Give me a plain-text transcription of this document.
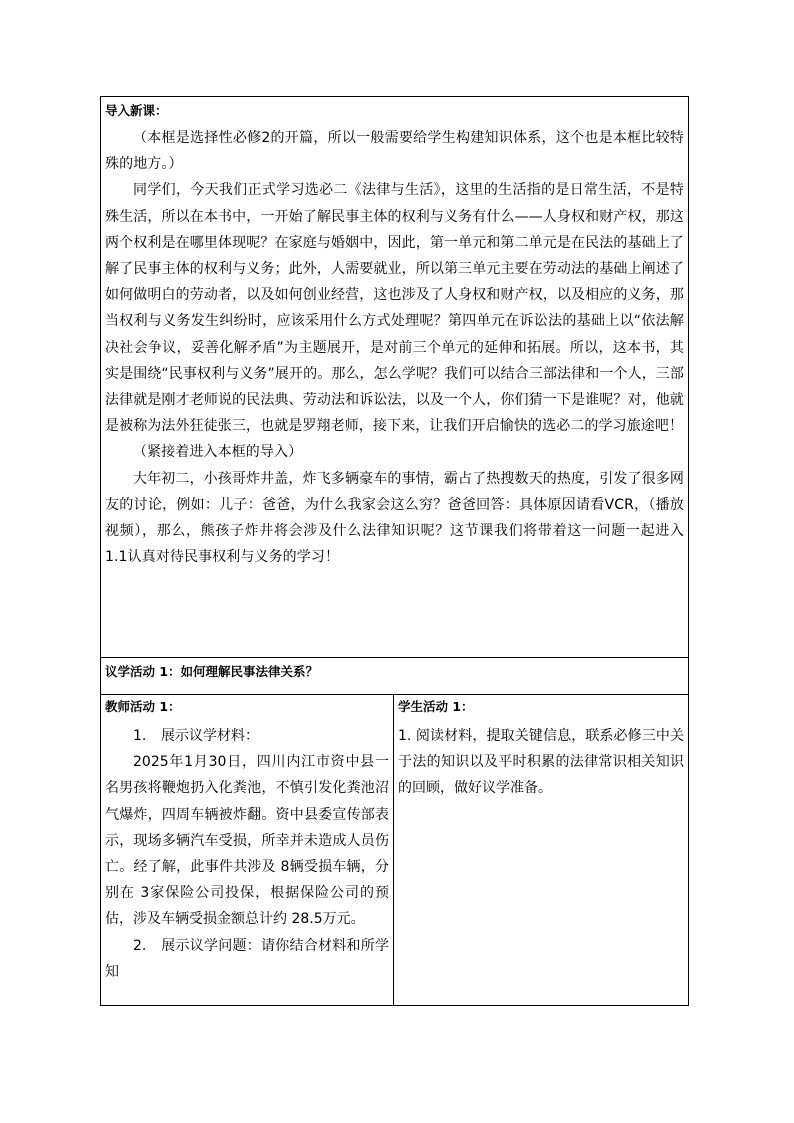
导入新课：

（本框是选择性必修2的开篇，所以一般需要给学生构建知识体系，这个也是本框比较特殊的地方。）

同学们，今天我们正式学习选必二《法律与生活》，这里的生活指的是日常生活，不是特殊生活，所以在本书中，一开始了解民事主体的权利与义务有什么——人身权和财产权，那这两个权利是在哪里体现呢？在家庭与婚姻中，因此，第一单元和第二单元是在民法的基础上了解了民事主体的权利与义务；此外，人需要就业，所以第三单元主要在劳动法的基础上阐述了如何做明白的劳动者，以及如何创业经营，这也涉及了人身权和财产权，以及相应的义务，那当权利与义务发生纠纷时，应该采用什么方式处理呢？第四单元在诉讼法的基础上以“依法解决社会争议，妥善化解矛盾”为主题展开，是对前三个单元的延伸和拓展。所以，这本书，其实是围绕“民事权利与义务”展开的。那么，怎么学呢？我们可以结合三部法律和一个人，三部法律就是刚才老师说的民法典、劳动法和诉讼法，以及一个人，你们猜一下是谁呢？对，他就是被称为法外狂徒张三，也就是罗翔老师，接下来，让我们开启愉快的选必二的学习旅途吧！

（紧接着进入本框的导入）

大年初二，小孩哥炸井盖，炸飞多辆豪车的事情，霸占了热搜数天的热度，引发了很多网友的讨论，例如：儿子：爸爸，为什么我家会这么穷？爸爸回答：具体原因请看VCR，（播放视频），那么，熊孩子炸井将会涉及什么法律知识呢？这节课我们将带着这一问题一起进入 1.1认真对待民事权利与义务的学习！

议学活动 1：如何理解民事法律关系？

教师活动 1：

1. 展示议学材料：

2025年1月30日，四川内江市资中县一名男孩将鞭炮扔入化粪池，不慎引发化粪池沼气爆炸，四周车辆被炸翻。资中县委宣传部表示，现场多辆汽车受损，所幸并未造成人员伤亡。经了解，此事件共涉及 8辆受损车辆，分别在 3家保险公司投保，根据保险公司的预估，涉及车辆受损金额总计约 28.5万元。

2. 展示议学问题：请你结合材料和所学知

学生活动 1：

1. 阅读材料，提取关键信息，联系必修三中关于法的知识以及平时积累的法律常识相关知识的回顾，做好议学准备。
